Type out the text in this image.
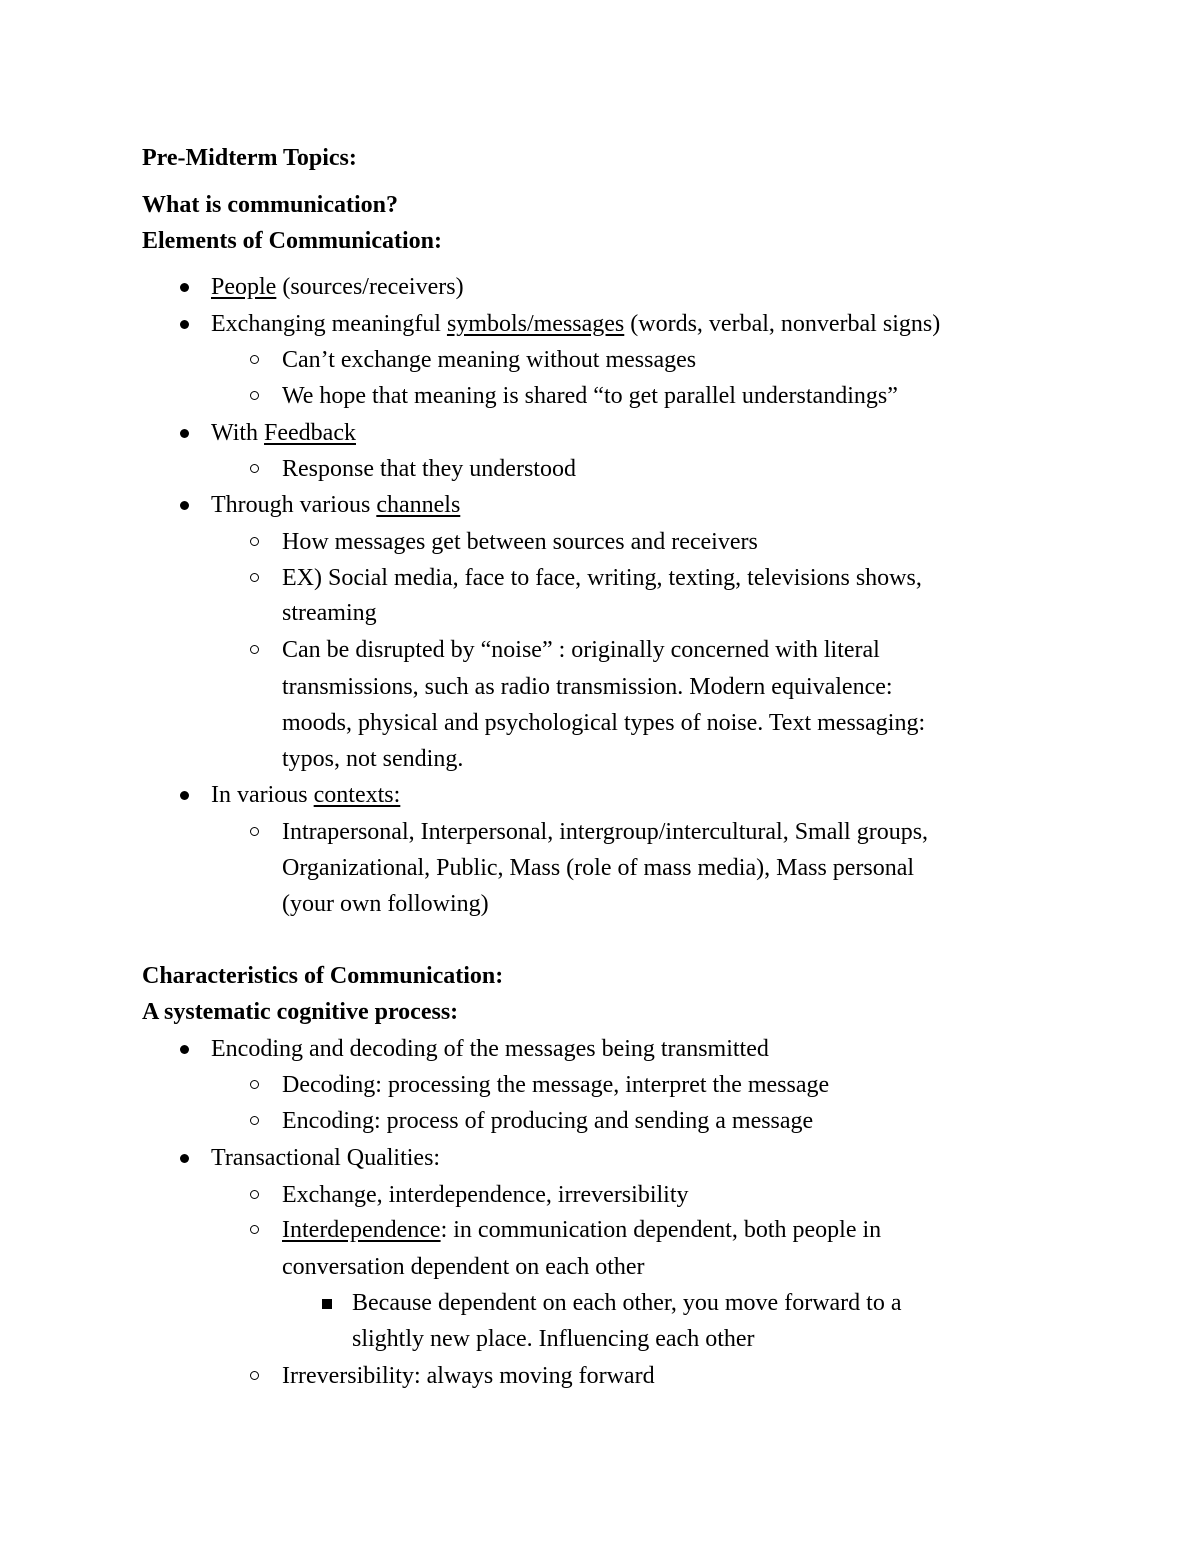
Pre-Midterm Topics:
What is communication?
Elements of Communication:
People (sources/receivers)
Exchanging meaningful symbols/messages (words, verbal, nonverbal signs)
Can’t exchange meaning without messages
We hope that meaning is shared “to get parallel understandings”
With Feedback
Response that they understood
Through various channels
How messages get between sources and receivers
EX) Social media, face to face, writing, texting, televisions shows,
streaming
Can be disrupted by “noise” : originally concerned with literal
transmissions, such as radio transmission. Modern equivalence:
moods, physical and psychological types of noise. Text messaging:
typos, not sending.
In various contexts:
Intrapersonal, Interpersonal, intergroup/intercultural, Small groups,
Organizational, Public, Mass (role of mass media), Mass personal
(your own following)
Characteristics of Communication:
A systematic cognitive process:
Encoding and decoding of the messages being transmitted
Decoding: processing the message, interpret the message
Encoding: process of producing and sending a message
Transactional Qualities:
Exchange, interdependence, irreversibility
Interdependence: in communication dependent, both people in
conversation dependent on each other
Because dependent on each other, you move forward to a
slightly new place. Influencing each other
Irreversibility: always moving forward
